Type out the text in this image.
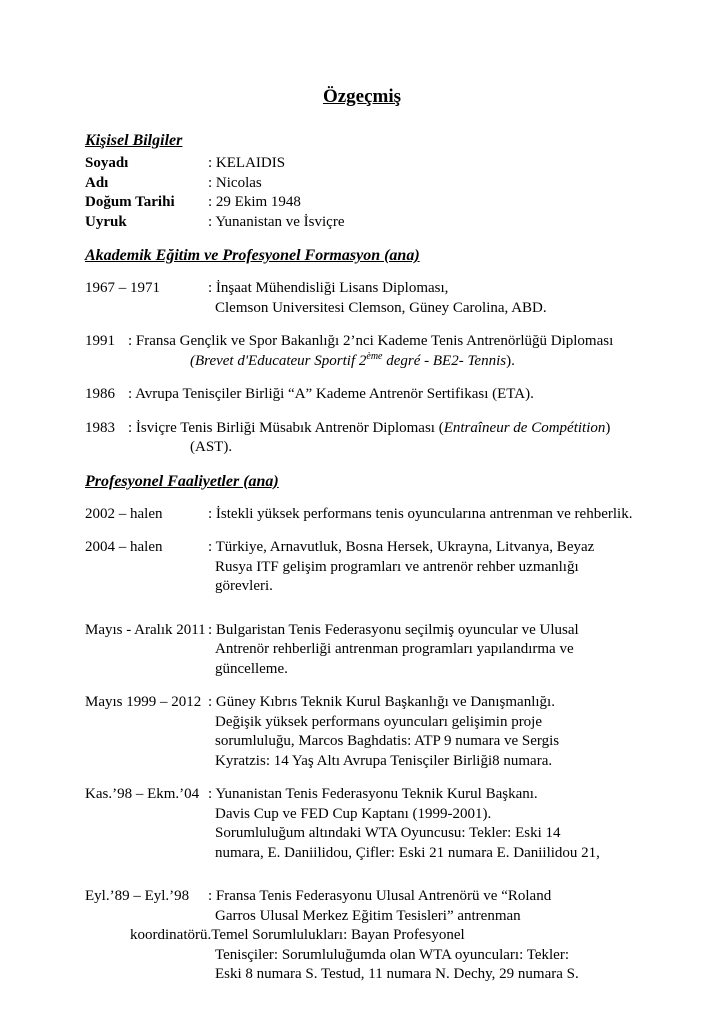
Özgeçmiş
Kişisel Bilgiler
Soyadı	: KELAIDIS
Adı	: Nicolas
Doğum Tarihi	: 29 Ekim 1948
Uyruk	: Yunanistan ve İsviçre
Akademik Eğitim ve Profesyonel Formasyon (ana)
1967 – 1971	: İnşaat Mühendisliği Lisans Diploması,
Clemson Universitesi Clemson, Güney Carolina, ABD.
1991 : Fransa Gençlik ve Spor Bakanlığı 2’nci Kademe Tenis Antrenörlüğü Diploması
(Brevet d'Educateur Sportif 2ème degré - BE2- Tennis).
1986 : Avrupa Tenisçiler Birliği “A” Kademe Antrenör Sertifikası (ETA).
1983 : İsviçre Tenis Birliği Müsabık Antrenör Diploması (Entraîneur de Compétition)
(AST).
Profesyonel Faaliyetler (ana)
2002 – halen	: İstekli yüksek performans tenis oyuncularına antrenman ve rehberlik.
2004 – halen	: Türkiye, Arnavutluk, Bosna Hersek, Ukrayna, Litvanya, Beyaz
Rusya ITF gelişim programları ve antrenör rehber uzmanlığı
görevleri.
Mayıs - Aralık 2011 : Bulgaristan Tenis Federasyonu seçilmiş oyuncular ve Ulusal
Antrenör rehberliği antrenman programları yapılandırma ve
güncelleme.
Mayıs 1999 – 2012 : Güney Kıbrıs Teknik Kurul Başkanlığı ve Danışmanlığı.
Değişik yüksek performans oyuncuları gelişimin proje
sorumluluğu, Marcos Baghdatis: ATP 9 numara ve Sergis
Kyratzis: 14 Yaş Altı Avrupa Tenisçiler Birliği8 numara.
Kas.’98 – Ekm.’04 : Yunanistan Tenis Federasyonu Teknik Kurul Başkanı.
Davis Cup ve FED Cup Kaptanı (1999-2001).
Sorumluluğum altındaki WTA Oyuncusu: Tekler: Eski 14
numara, E. Daniilidou, Çifler: Eski 21 numara E. Daniilidou 21,
Eyl.’89 – Eyl.’98 : Fransa Tenis Federasyonu Ulusal Antrenörü ve “Roland
Garros Ulusal Merkez Eğitim Tesisleri” antrenman
koordinatörü.Temel Sorumlulukları: Bayan Profesyonel
Tenisçiler: Sorumluluğumda olan WTA oyuncuları: Tekler:
Eski 8 numara S. Testud, 11 numara N. Dechy, 29 numara S.
